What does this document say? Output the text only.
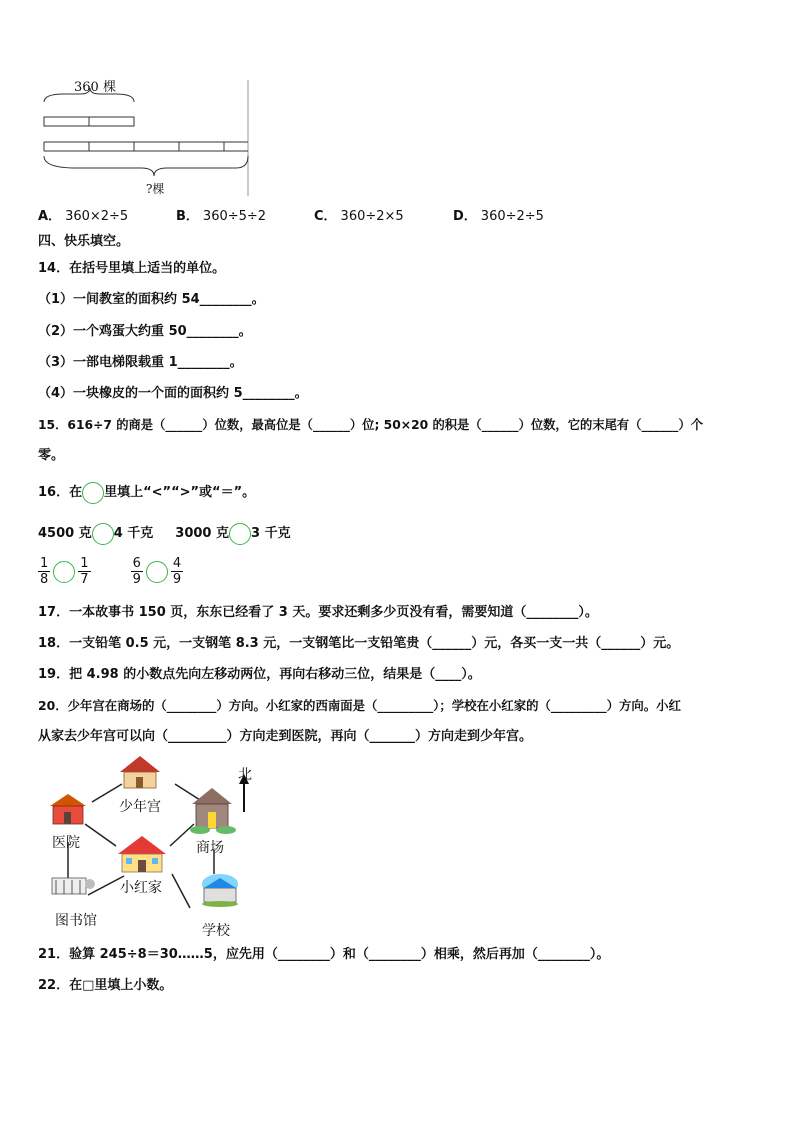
360 棵
?棵
A． 360×2÷5	B． 360÷5÷2	C． 360÷2×5	D． 360÷2÷5
四、快乐填空。
14．在括号里填上适当的单位。
（1）一间教室的面积约 54________。
（2）一个鸡蛋大约重 50________。
（3）一部电梯限载重 1________。
（4）一块橡皮的一个面的面积约 5________。
15．616÷7 的商是（______）位数，最高位是（______）位; 50×20 的积是（______）位数，它的末尾有（______）个
零。
16．在 里填上“<”“>”或“＝”。
4500 克 4 千克 3000 克 3 千克
$\frac{1}{8} \frac{1}{7}$	$\frac{6}{9} \frac{4}{9}$
17．一本故事书 150 页，东东已经看了 3 天。要求还剩多少页没有看，需要知道（________）。
18．一支铅笔 0.5 元，一支钢笔 8.3 元，一支钢笔比一支铅笔贵（______）元，各买一支一共（______）元。
19．把 4.98 的小数点先向左移动两位，再向右移动三位，结果是（____）。
20．少年宫在商场的（________）方向。小红家的西南面是（_________）；学校在小红家的（_________）方向。小红
从家去少年宫可以向（_________）方向走到医院，再向（_______）方向走到少年宫。
北
少年宫
医院	商场
小红家
图书馆
学校
21．验算 245÷8＝30……5，应先用（________）和（________）相乘，然后再加（________）。
22．在□里填上小数。
